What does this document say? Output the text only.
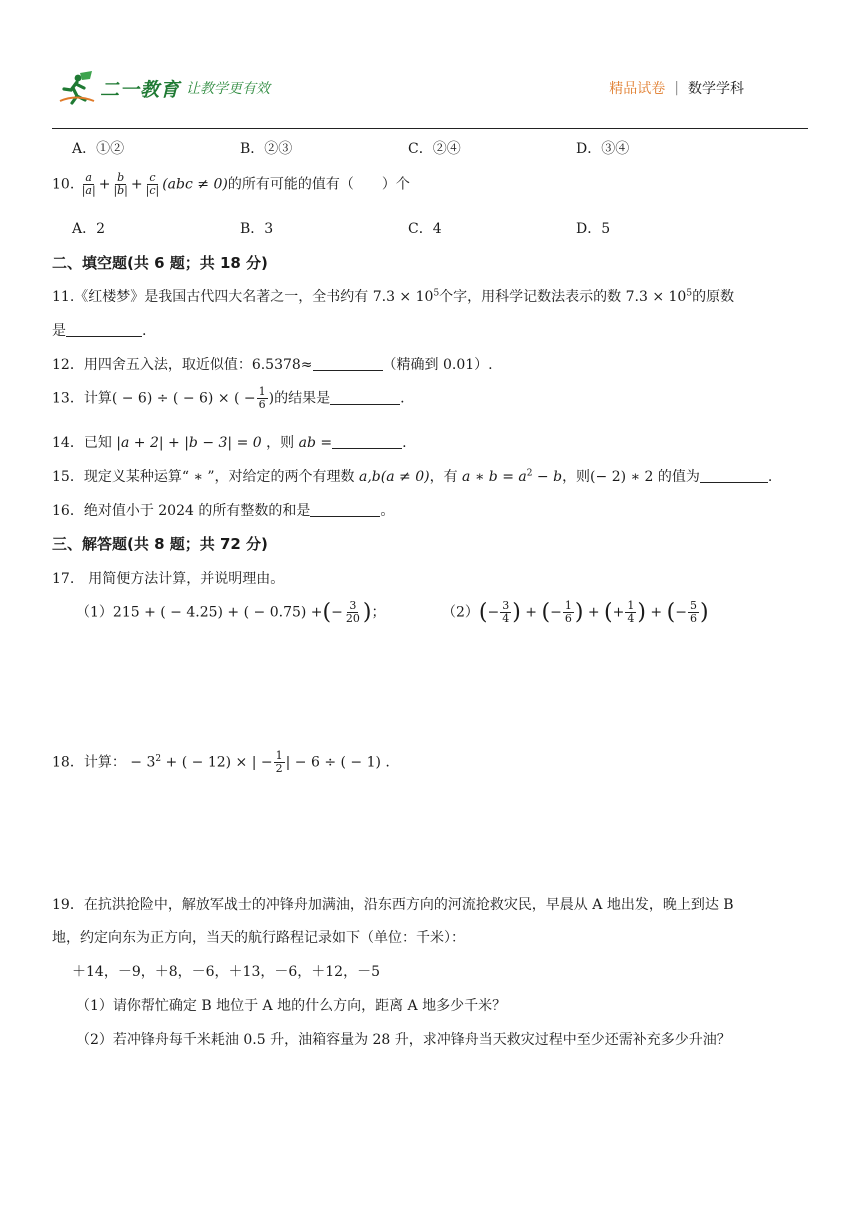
二一教育 让教学更有效	精品试卷 | 数学学科
A．①②	B．②③	C．②④	D．③④
10. $\frac{a}{|a|} + \frac{b}{|b|} + \frac{c}{|c|} (abc \ne 0)$的所有可能的值有（　　）个
A．2	B．3	C．4	D．5
二、填空题(共 6 题；共 18 分)
11.《红楼梦》是我国古代四大名著之一，全书约有 $7.3 \times 10^5$个字，用科学记数法表示的数 $7.3 \times 10^5$的原数
是	.
12．用四舍五入法，取近似值：6.5378≈	（精确到 0.01）.
13．计算( − 6) ÷ ( − 6) × ( − $\frac{1}{6}$ )的结果是	.
14．已知 |a + 2| + |b − 3| = 0 ，则 ab =	.
15．现定义某种运算“ ∗ ”，对给定的两个有理数 a,b(a ≠ 0)，有 a ∗ $b = a^2 - b$，则(− 2) ∗ 2 的值为	.
16．绝对值小于 2024 的所有整数的和是	。
三、解答题(共 8 题；共 72 分)
17.　用简便方法计算，并说明理由。
（1）215 + ( − 4.25) + ( − 0.75) +(− $\frac{3}{20}$ )；	$(2)(- \frac{3}{4}$ ) + (− $\frac{1}{6}$ ) + (+ $\frac{1}{4}$ ) + (− $\frac{5}{6}$ )
18．计算： − $3^2$ + ( − 12) × | − $\frac{1}{2}$ | − 6 ÷ ( − 1) .
19．在抗洪抢险中，解放军战士的冲锋舟加满油，沿东西方向的河流抢救灾民，早晨从 A 地出发，晚上到达 B
地，约定向东为正方向，当天的航行路程记录如下（单位：千米）：
＋14，－9，＋8，－6，＋13，－6，＋12，－5
（1）请你帮忙确定 B 地位于 A 地的什么方向，距离 A 地多少千米？
（2）若冲锋舟每千米耗油 0.5 升，油箱容量为 28 升，求冲锋舟当天救灾过程中至少还需补充多少升油？
